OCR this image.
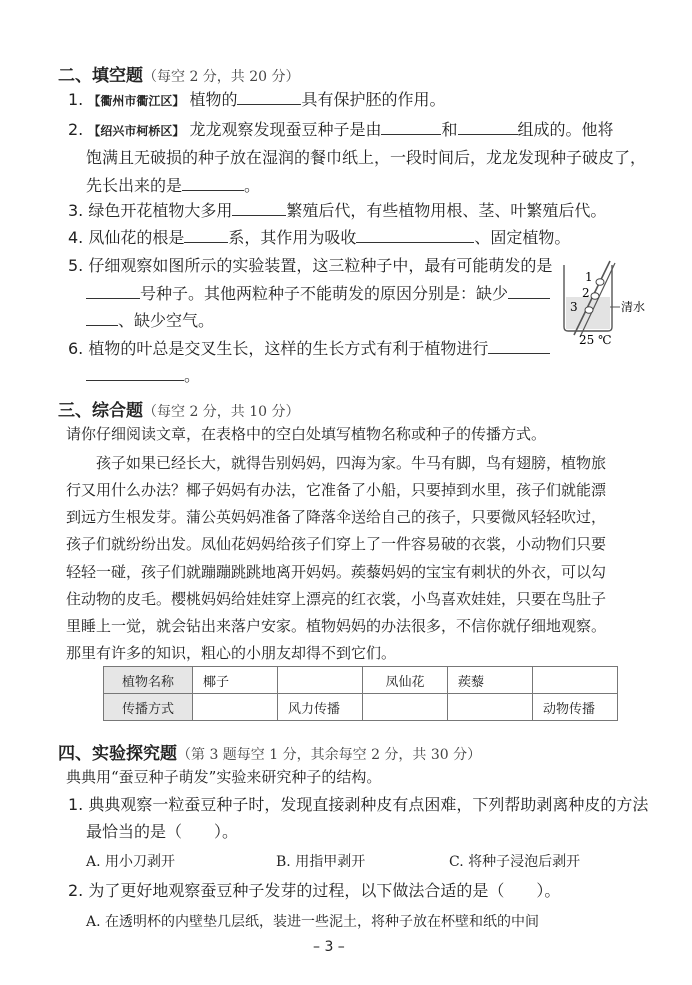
二、填空题（每空 2 分，共 20 分）
1. 【衢州市衢江区】 植物的	具有保护胚的作用。
2. 【绍兴市柯桥区】 龙龙观察发现蚕豆种子是由	和	组成的。他将
饱满且无破损的种子放在湿润的餐巾纸上，一段时间后，龙龙发现种子破皮了，
先长出来的是	。
3. 绿色开花植物大多用	繁殖后代，有些植物用根、茎、叶繁殖后代。
4. 凤仙花的根是	系，其作用为吸收	、固定植物。
5. 仔细观察如图所示的实验装置，这三粒种子中，最有可能萌发的是
号种子。其他两粒种子不能萌发的原因分别是：缺少
、缺少空气。
1
2
3	清水
25 ℃
6. 植物的叶总是交叉生长，这样的生长方式有利于植物进行
。
三、综合题（每空 2 分，共 10 分）
请你仔细阅读文章，在表格中的空白处填写植物名称或种子的传播方式。
孩子如果已经长大，就得告别妈妈，四海为家。牛马有脚，鸟有翅膀，植物旅
行又用什么办法？椰子妈妈有办法，它准备了小船，只要掉到水里，孩子们就能漂
到远方生根发芽。蒲公英妈妈准备了降落伞送给自己的孩子，只要微风轻轻吹过，
孩子们就纷纷出发。凤仙花妈妈给孩子们穿上了一件容易破的衣裳，小动物们只要
轻轻一碰，孩子们就蹦蹦跳跳地离开妈妈。蒺藜妈妈的宝宝有刺状的外衣，可以勾
住动物的皮毛。樱桃妈妈给娃娃穿上漂亮的红衣裳，小鸟喜欢娃娃，只要在鸟肚子
里睡上一觉，就会钻出来落户安家。植物妈妈的办法很多，不信你就仔细地观察。
那里有许多的知识，粗心的小朋友却得不到它们。
植物名称	椰子		凤仙花	蒺藜	
传播方式		风力传播			动物传播
四、实验探究题（第 3 题每空 1 分，其余每空 2 分，共 30 分）
典典用“蚕豆种子萌发”实验来研究种子的结构。
1. 典典观察一粒蚕豆种子时，发现直接剥种皮有点困难，下列帮助剥离种皮的方法
最恰当的是（　　）。
A. 用小刀剥开	B. 用指甲剥开	C. 将种子浸泡后剥开
2. 为了更好地观察蚕豆种子发芽的过程，以下做法合适的是（　　）。
A. 在透明杯的内壁垫几层纸，装进一些泥土，将种子放在杯壁和纸的中间
– 3 –
